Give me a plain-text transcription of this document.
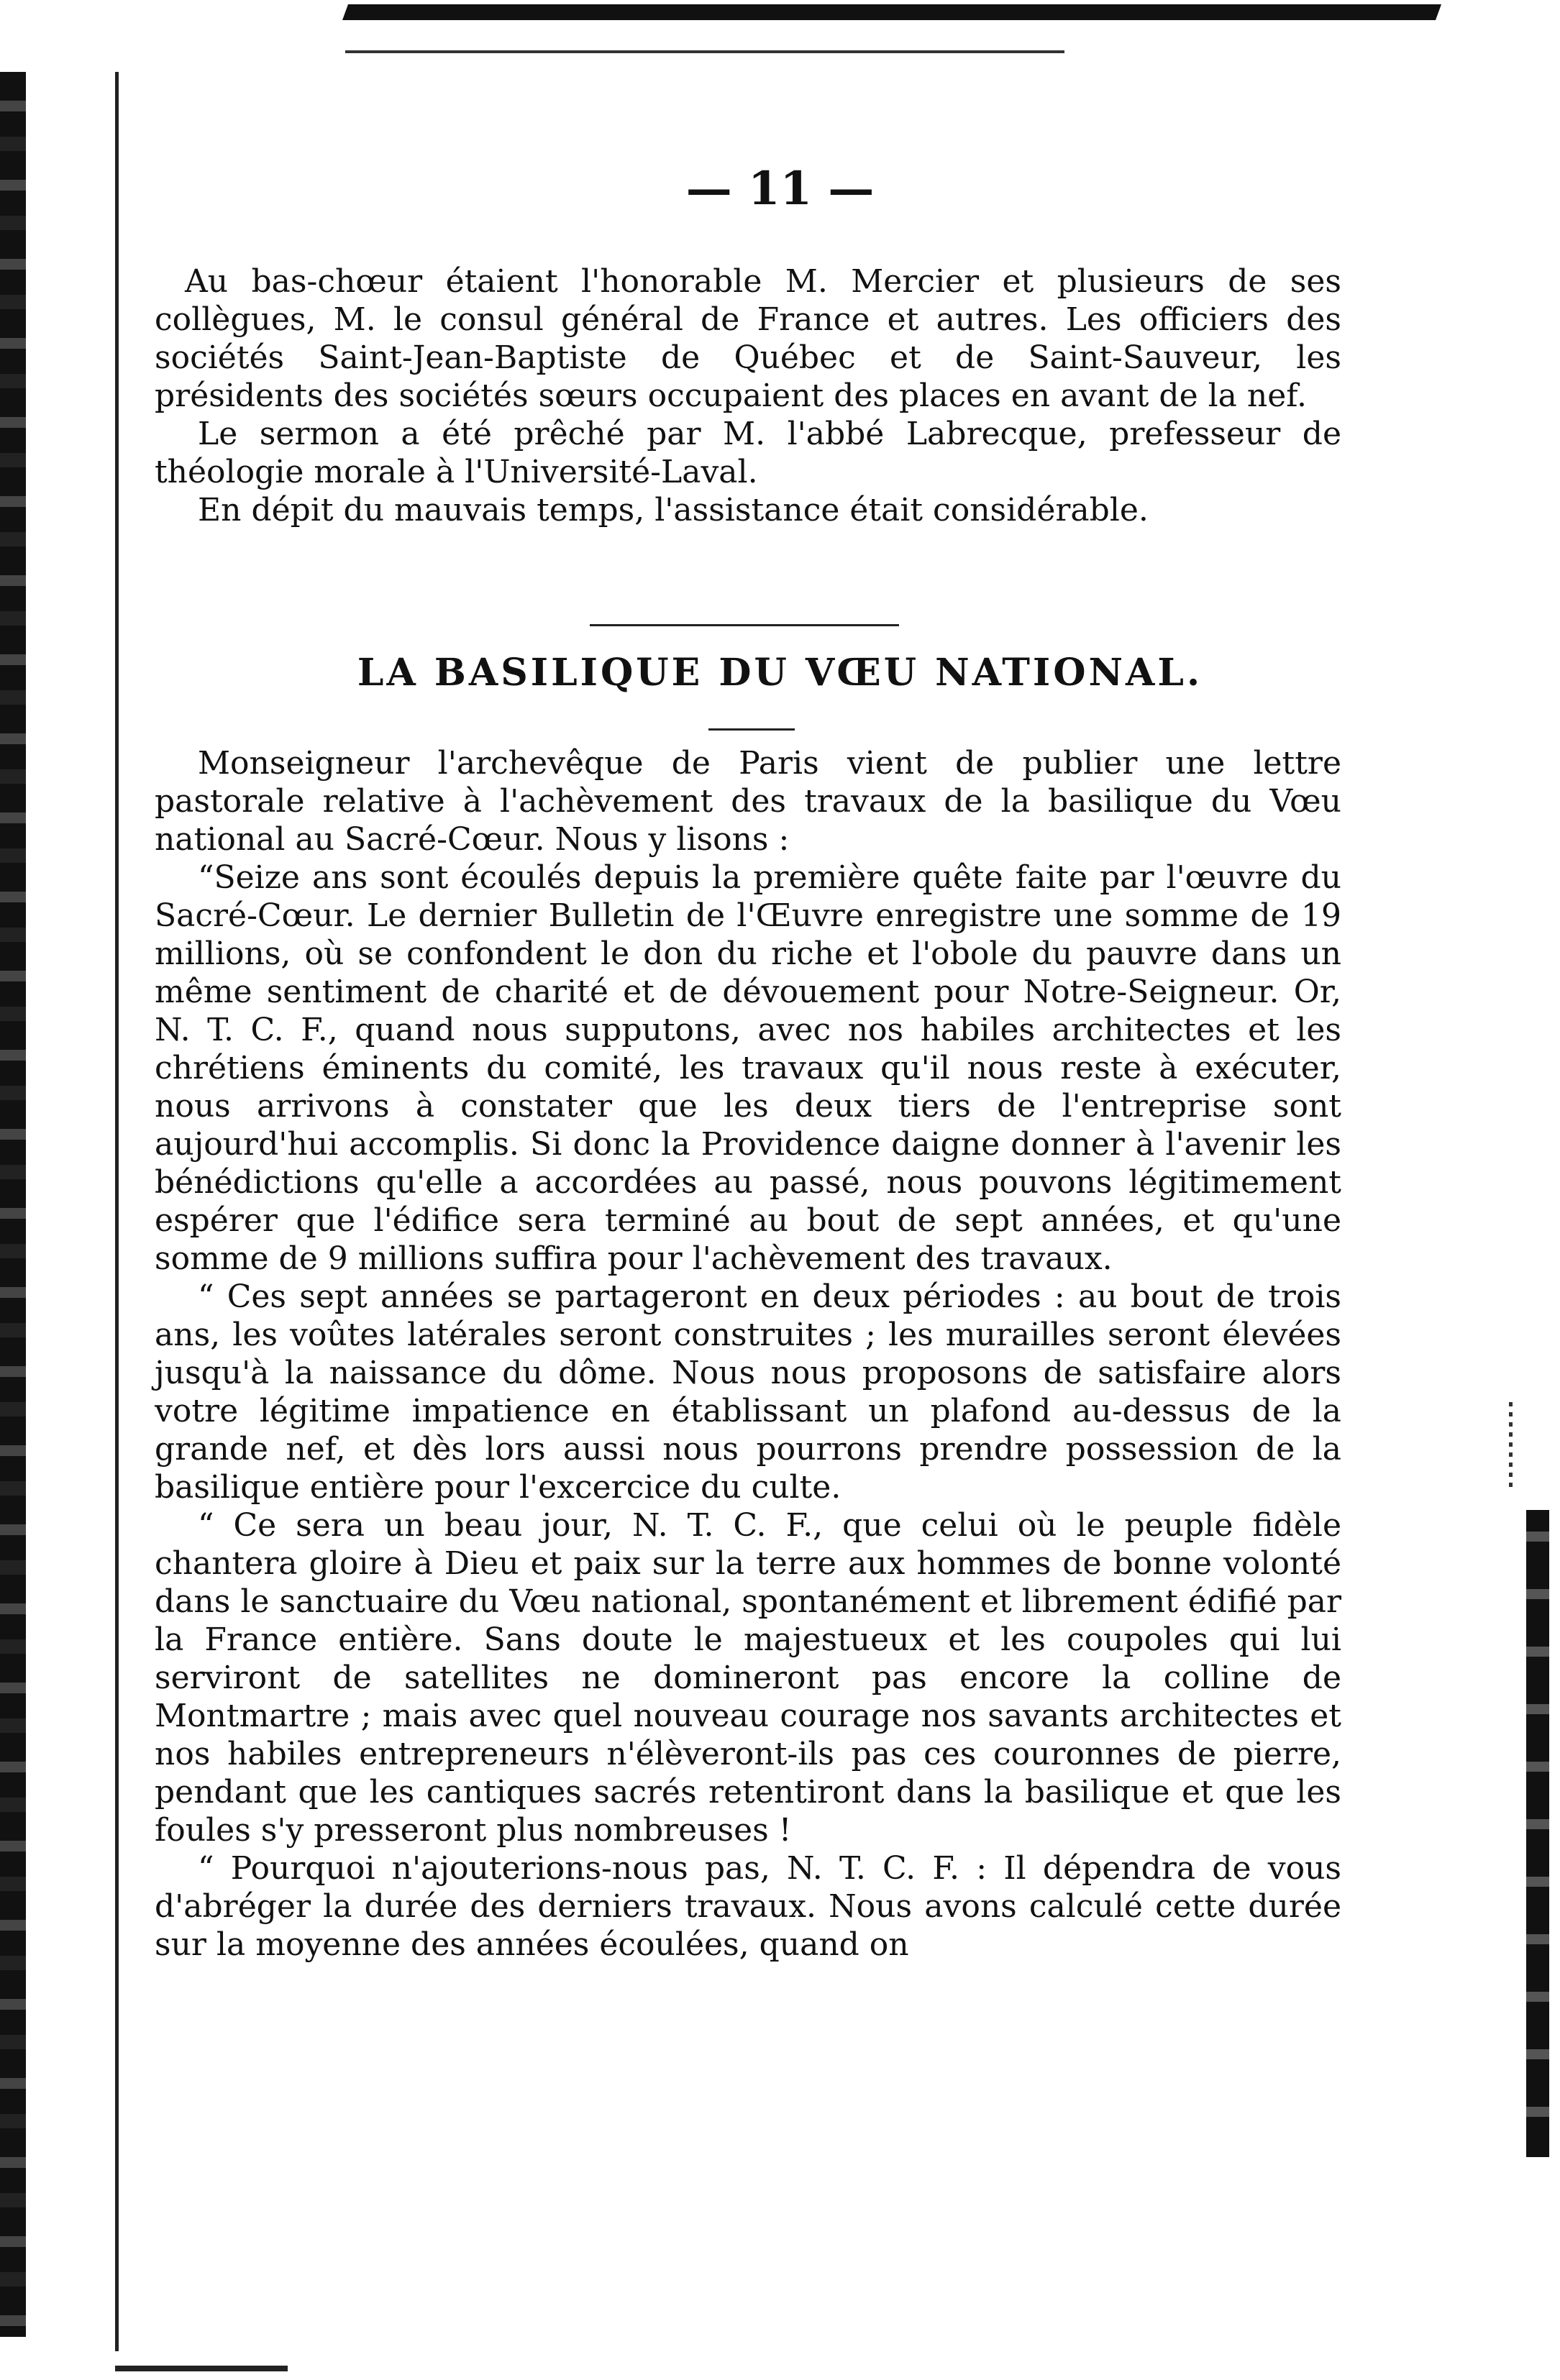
— 11 —

Au bas-chœur étaient l'honorable M. Mercier et plusieurs de ses collègues, M. le consul général de France et autres. Les officiers des sociétés Saint-Jean-Baptiste de Québec et de Saint-Sauveur, les présidents des sociétés sœurs occupaient des places en avant de la nef.

Le sermon a été prêché par M. l'abbé Labrecque, prefesseur de théologie morale à l'Université-Laval.

En dépit du mauvais temps, l'assistance était considérable.

LA BASILIQUE DU VŒU NATIONAL.

Monseigneur l'archevêque de Paris vient de publier une lettre pastorale relative à l'achèvement des travaux de la basilique du Vœu national au Sacré-Cœur. Nous y lisons :

“Seize ans sont écoulés depuis la première quête faite par l'œuvre du Sacré-Cœur. Le dernier Bulletin de l'Œuvre enregistre une somme de 19 millions, où se confondent le don du riche et l'obole du pauvre dans un même sentiment de charité et de dévouement pour Notre-Seigneur. Or, N. T. C. F., quand nous supputons, avec nos habiles architectes et les chrétiens éminents du comité, les travaux qu'il nous reste à exécuter, nous arrivons à constater que les deux tiers de l'entreprise sont aujourd'hui accomplis. Si donc la Providence daigne donner à l'avenir les bénédictions qu'elle a accordées au passé, nous pouvons légitimement espérer que l'édifice sera terminé au bout de sept années, et qu'une somme de 9 millions suffira pour l'achèvement des travaux.

“ Ces sept années se partageront en deux périodes : au bout de trois ans, les voûtes latérales seront construites ; les murailles seront élevées jusqu'à la naissance du dôme. Nous nous proposons de satisfaire alors votre légitime impatience en établissant un plafond au-dessus de la grande nef, et dès lors aussi nous pourrons prendre possession de la basilique entière pour l'excercice du culte.

“ Ce sera un beau jour, N. T. C. F., que celui où le peuple fidèle chantera gloire à Dieu et paix sur la terre aux hommes de bonne volonté dans le sanctuaire du Vœu national, spontanément et librement édifié par la France entière. Sans doute le majestueux et les coupoles qui lui serviront de satellites ne domineront pas encore la colline de Montmartre ; mais avec quel nouveau courage nos savants architectes et nos habiles entrepreneurs n'élèveront-ils pas ces couronnes de pierre, pendant que les cantiques sacrés retentiront dans la basilique et que les foules s'y presseront plus nombreuses !

“ Pourquoi n'ajouterions-nous pas, N. T. C. F. : Il dépendra de vous d'abréger la durée des derniers travaux. Nous avons calculé cette durée sur la moyenne des années écoulées, quand on
